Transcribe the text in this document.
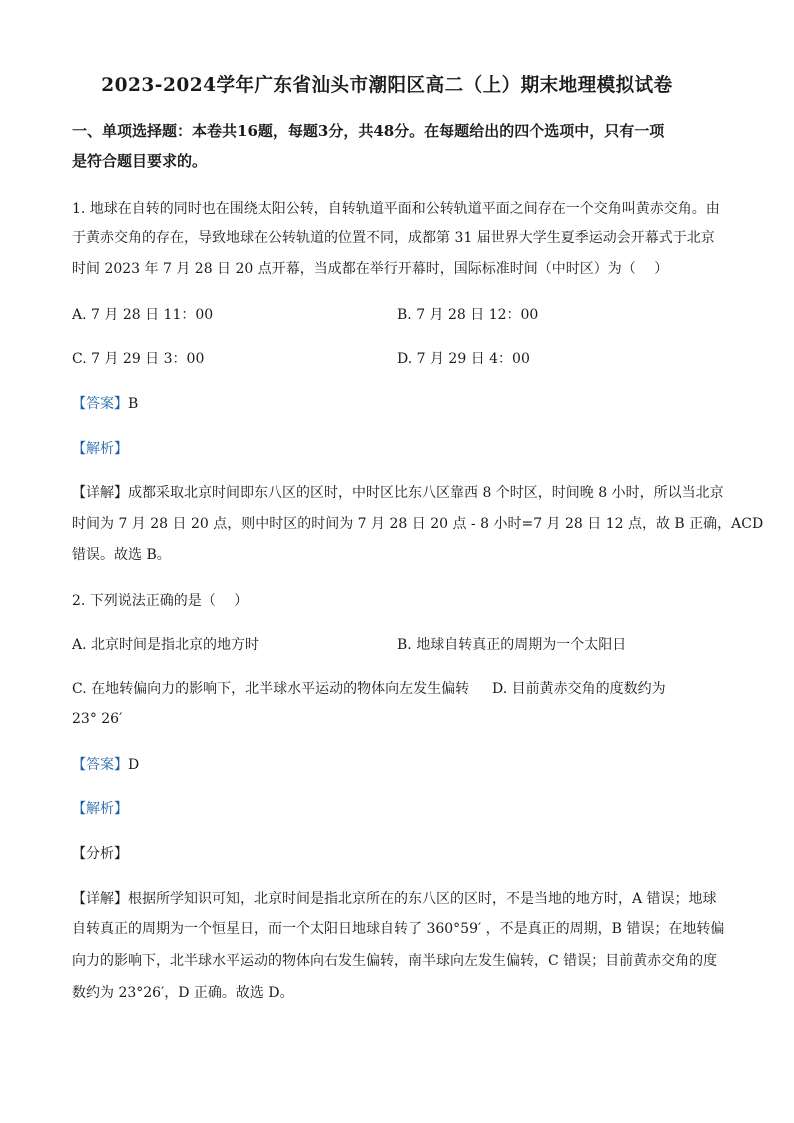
2023-2024学年广东省汕头市潮阳区高二（上）期末地理模拟试卷
一、单项选择题：本卷共16题，每题3分，共48分。在每题给出的四个选项中，只有一项
是符合题目要求的。
1. 地球在自转的同时也在围绕太阳公转，自转轨道平面和公转轨道平面之间存在一个交角叫黄赤交角。由
于黄赤交角的存在，导致地球在公转轨道的位置不同，成都第 31 届世界大学生夏季运动会开幕式于北京
时间 2023 年 7 月 28 日 20 点开幕，当成都在举行开幕时，国际标准时间（中时区）为（　 ）
A. 7 月 28 日 11：00	B. 7 月 28 日 12：00
C. 7 月 29 日 3：00	D. 7 月 29 日 4：00
【答案】B
【解析】
【详解】成都采取北京时间即东八区的区时，中时区比东八区靠西 8 个时区，时间晚 8 小时，所以当北京
时间为 7 月 28 日 20 点，则中时区的时间为 7 月 28 日 20 点 - 8 小时=7 月 28 日 12 点，故 B 正确，ACD
错误。故选 B。
2. 下列说法正确的是（　 ）
A. 北京时间是指北京的地方时	B. 地球自转真正的周期为一个太阳日
C. 在地转偏向力的影响下，北半球水平运动的物体向左发生偏转 D. 目前黄赤交角的度数约为
23° 26′
【答案】D
【解析】
【分析】
【详解】根据所学知识可知，北京时间是指北京所在的东八区的区时，不是当地的地方时，A 错误；地球
自转真正的周期为一个恒星日，而一个太阳日地球自转了 360°59′ ，不是真正的周期，B 错误；在地转偏
向力的影响下，北半球水平运动的物体向右发生偏转，南半球向左发生偏转，C 错误；目前黄赤交角的度
数约为 23°26′，D 正确。故选 D。
